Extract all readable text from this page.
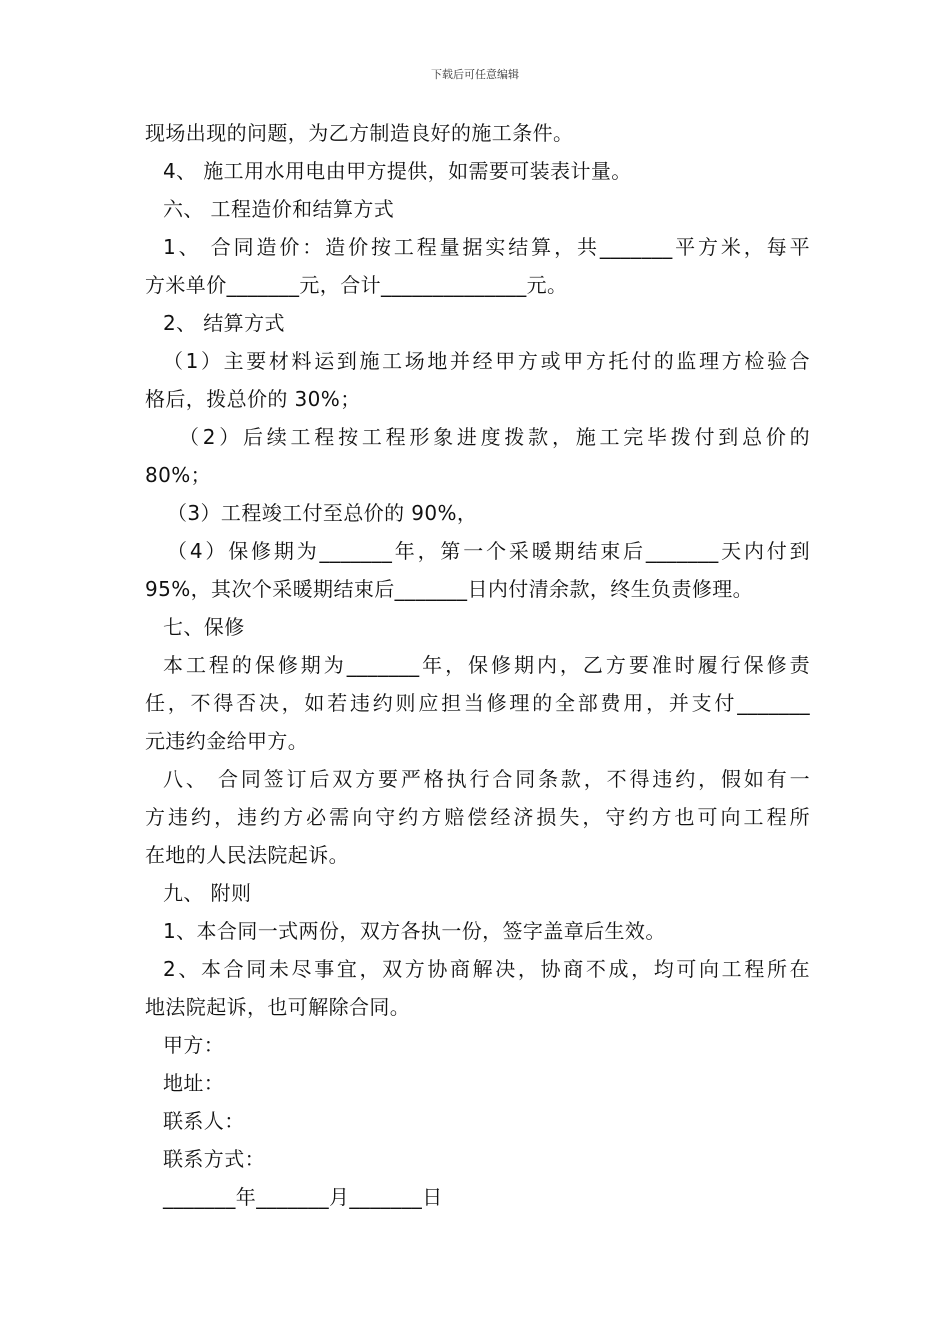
下载后可任意编辑
现场出现的问题，为乙方制造良好的施工条件。
4、 施工用水用电由甲方提供，如需要可装表计量。
六、 工程造价和结算方式
1、 合同造价：造价按工程量据实结算，共_______平方米，每平
方米单价_______元，合计______________元。
2、 结算方式
（1）主要材料运到施工场地并经甲方或甲方托付的监理方检验合
格后，拨总价的 30%；
（2）后续工程按工程形象进度拨款，施工完毕拨付到总价的
80%；
（3）工程竣工付至总价的 90%，
（4）保修期为_______年，第一个采暖期结束后_______天内付到
95%，其次个采暖期结束后_______日内付清余款，终生负责修理。
七、保修
本工程的保修期为_______年，保修期内，乙方要准时履行保修责
任，不得否决，如若违约则应担当修理的全部费用，并支付_______
元违约金给甲方。
八、 合同签订后双方要严格执行合同条款，不得违约，假如有一
方违约，违约方必需向守约方赔偿经济损失，守约方也可向工程所
在地的人民法院起诉。
九、 附则
1、本合同一式两份，双方各执一份，签字盖章后生效。
2、本合同未尽事宜，双方协商解决，协商不成，均可向工程所在
地法院起诉，也可解除合同。
甲方：
地址：
联系人：
联系方式：
_______年_______月_______日
